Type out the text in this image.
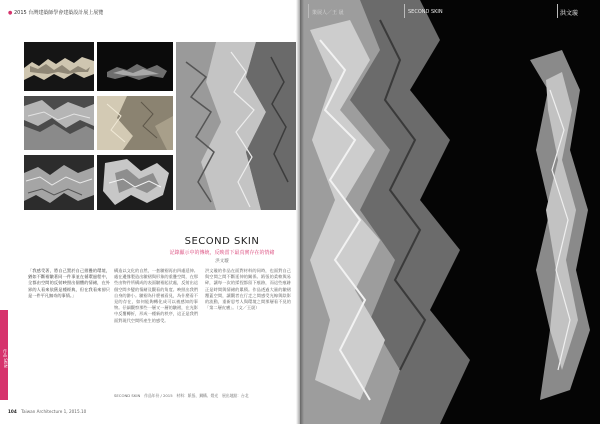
● 2015 台灣建築師學會建築設計展上展覽
SECOND SKIN
記錄顯示中的傳統，反映當下最真實存在的情緒
洪文璇
「我感受著，將自己置於自己摺疊的環境，猶如不斷褶皺著同一件事並在循環過程中，全都由空間的反射映照出個體的情緒，在外界的人看來依舊是種經典，但在我看來卻只是一件平凡無奇的事情。」
構造以文化的自然，一套皺褶再由四處延伸。處在邊緣製造出皺褶與形象的重疊空間，在那些由物件所構成的表面皺褶起伏處，反射出這個空間多變的情緒及觀看的角度。映照出我們自身的渺小。皺褶為什麼被看見，為什麼看不見的存在，如何能夠轉化成可以被感知的事物。仔細觀察那些一層又一層的皺褶，在光影中反覆轉折，形成一種新的秩序，這正是我們面對現代空間所產生的感受。
洪文璇的作品在面對材料的同時，也面對自己與空間之間不斷延伸的關係。紙張的柔軟與易碎，讓每一次的揉捏都留下痕跡，而這些痕跡正是時間與情緒的累積。作品透過大量的皺褶覆蓋空間，讓觀者在行走之間感受光線與陰影的流動，重新思考人與環境之間那層看不見的「第二層皮膚」。（文／王晟）
SECOND SKIN　作品年份 / 2015　材料：紙張、鋼構、燈光　展出地點：台北
作品 SKIN
104 Taiwan Architecture 1, 2015.10
策展人／王 晟	SECOND SKIN	洪文璇
